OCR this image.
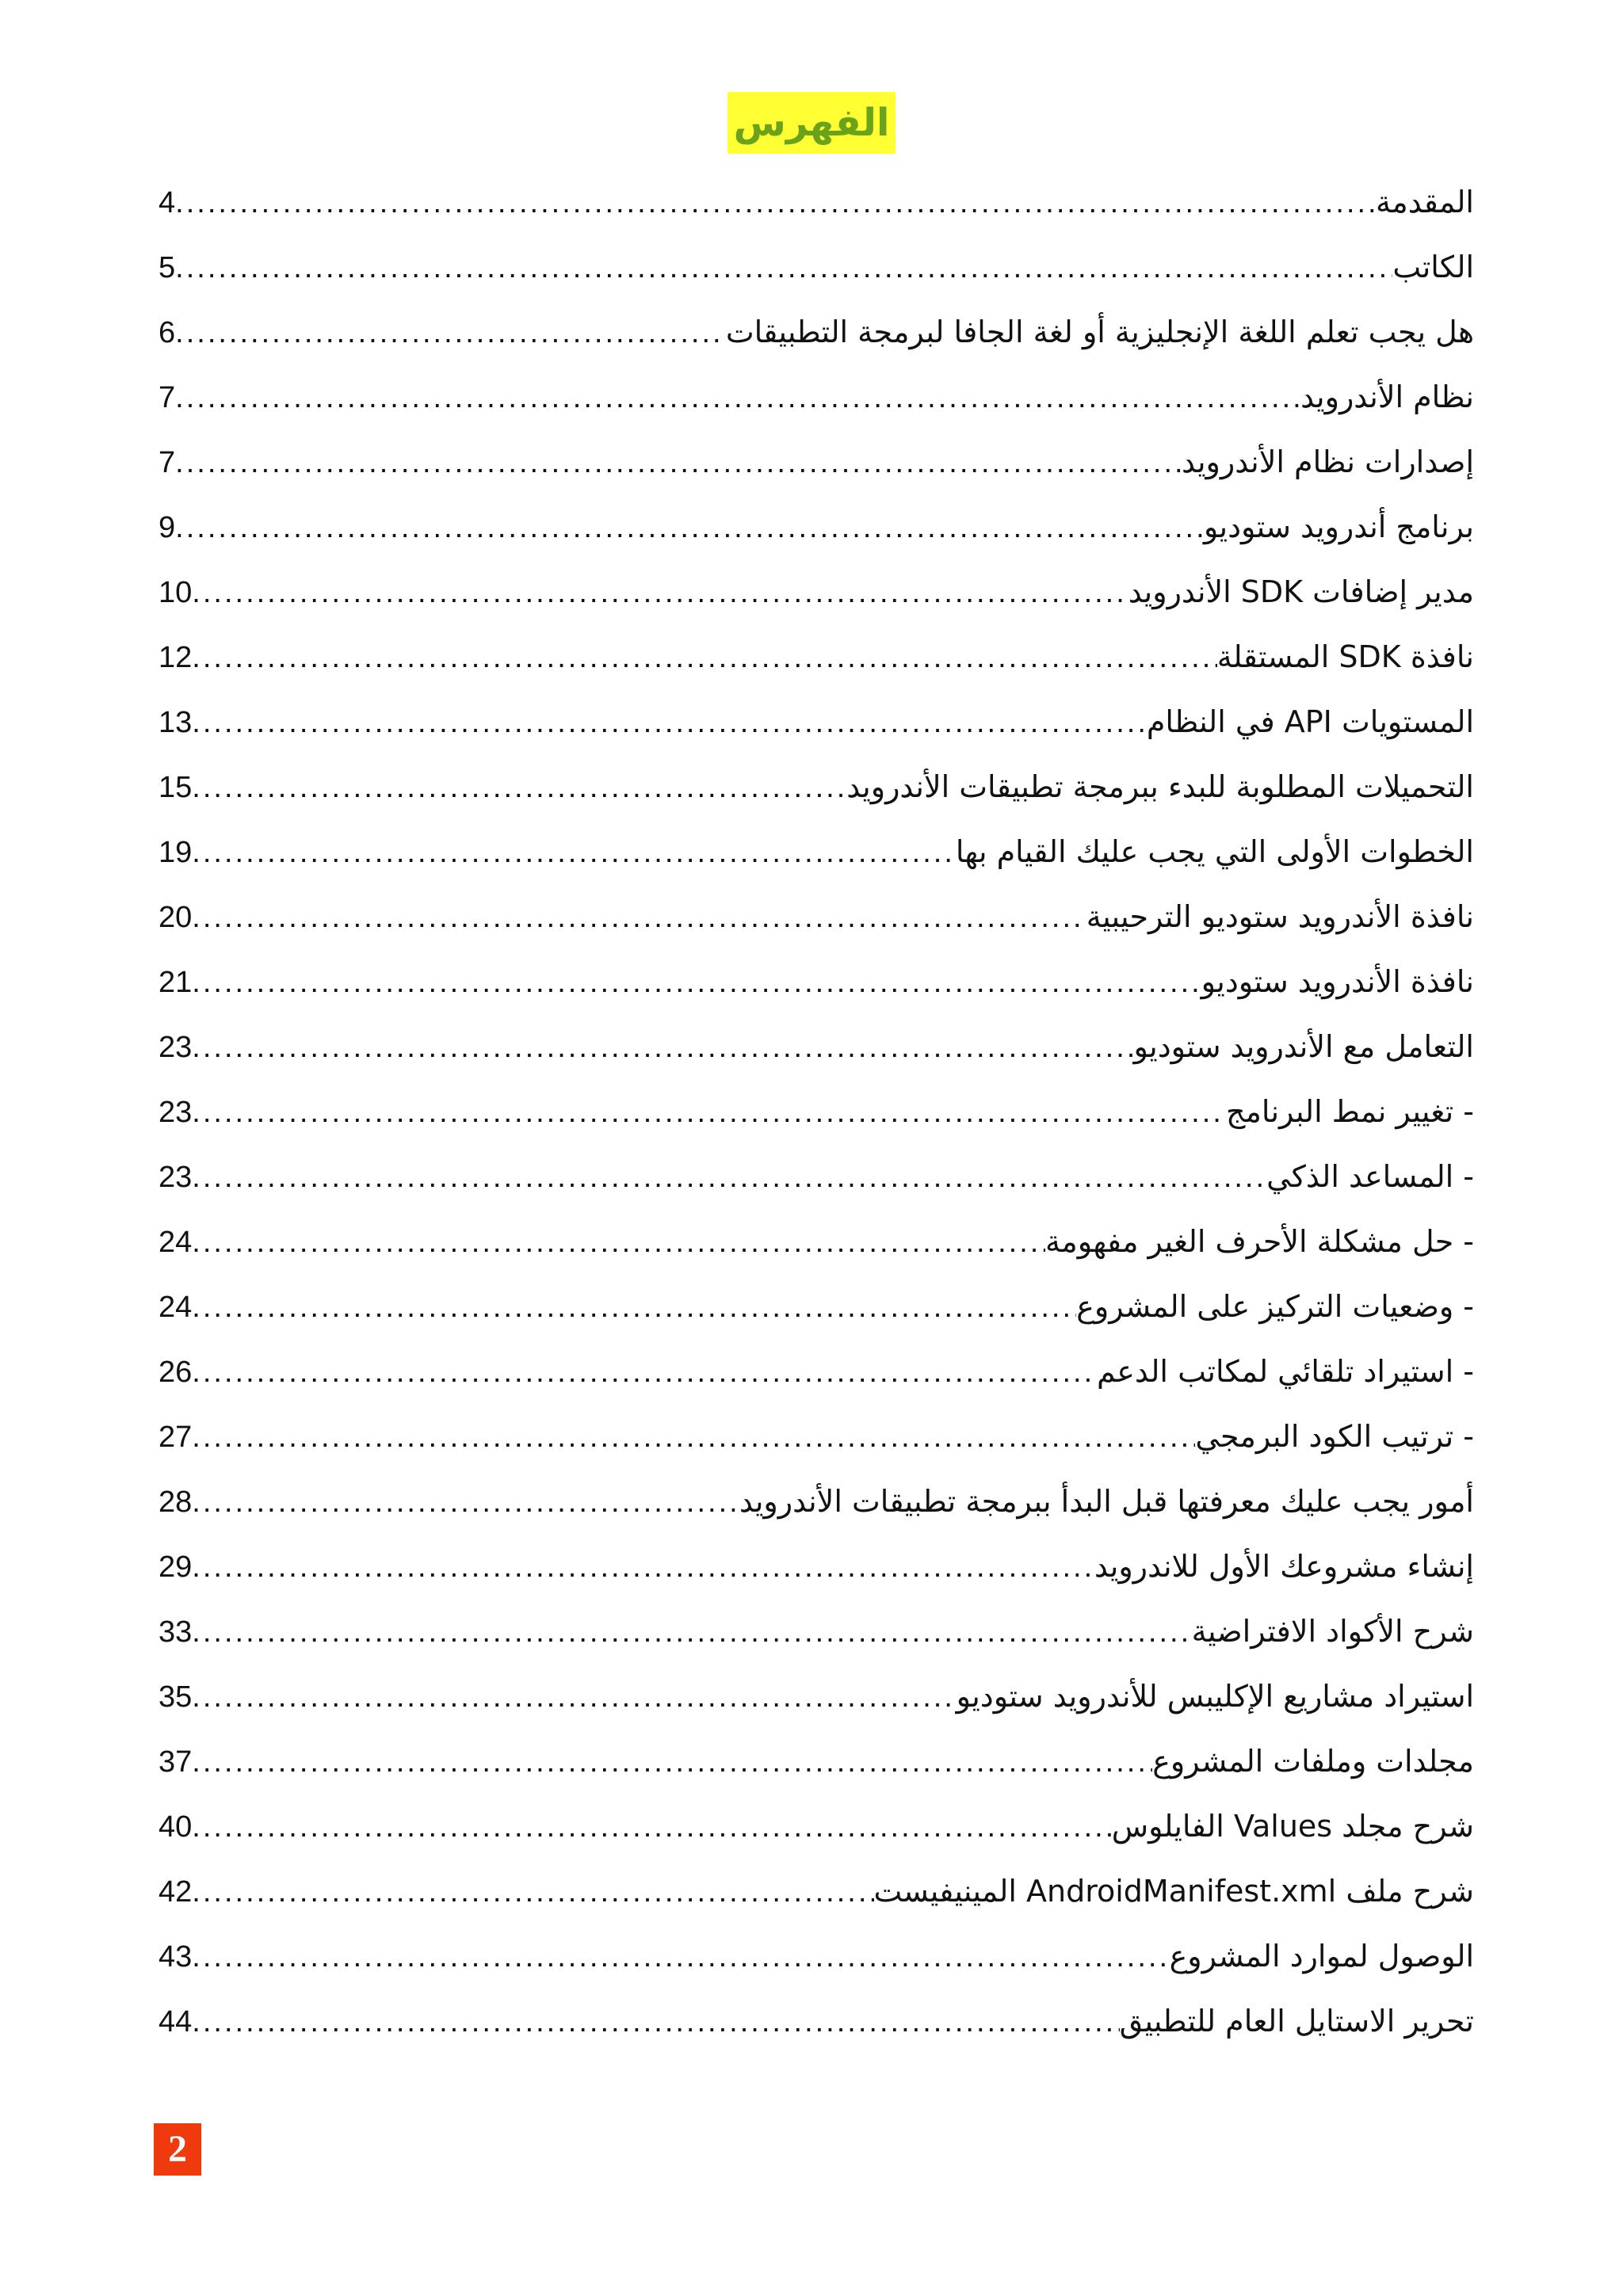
الفهرس
المقدمة
.....
4
الكاتب
.....
5
هل يجب تعلم اللغة الإنجليزية أو لغة الجافا لبرمجة التطبيقات
.....
6
نظام الأندرويد
.....
7
إصدارات نظام الأندرويد
.....
7
برنامج أندرويد ستوديو
.....
9
مدير إضافات SDK الأندرويد
.....
10
نافذة SDK المستقلة
.....
12
المستويات API في النظام
.....
13
التحميلات المطلوبة للبدء ببرمجة تطبيقات الأندرويد
.....
15
الخطوات الأولى التي يجب عليك القيام بها
.....
19
نافذة الأندرويد ستوديو الترحيبية
.....
20
نافذة الأندرويد ستوديو
.....
21
التعامل مع الأندرويد ستوديو
.....
23
- تغيير نمط البرنامج
.....
23
- المساعد الذكي
.....
23
- حل مشكلة الأحرف الغير مفهومة
.....
24
- وضعيات التركيز على المشروع
.....
24
- استيراد تلقائي لمكاتب الدعم
.....
26
- ترتيب الكود البرمجي
.....
27
أمور يجب عليك معرفتها قبل البدأ ببرمجة تطبيقات الأندرويد
.....
28
إنشاء مشروعك الأول للاندرويد
.....
29
شرح الأكواد الافتراضية
.....
33
استيراد مشاريع الإكليبس للأندرويد ستوديو
.....
35
مجلدات وملفات المشروع
.....
37
شرح مجلد Values الفايلوس
.....
40
شرح ملف AndroidManifest.xml المينيفيست
.....
42
الوصول لموارد المشروع
.....
43
تحرير الاستايل العام للتطبيق
.....
44
2
